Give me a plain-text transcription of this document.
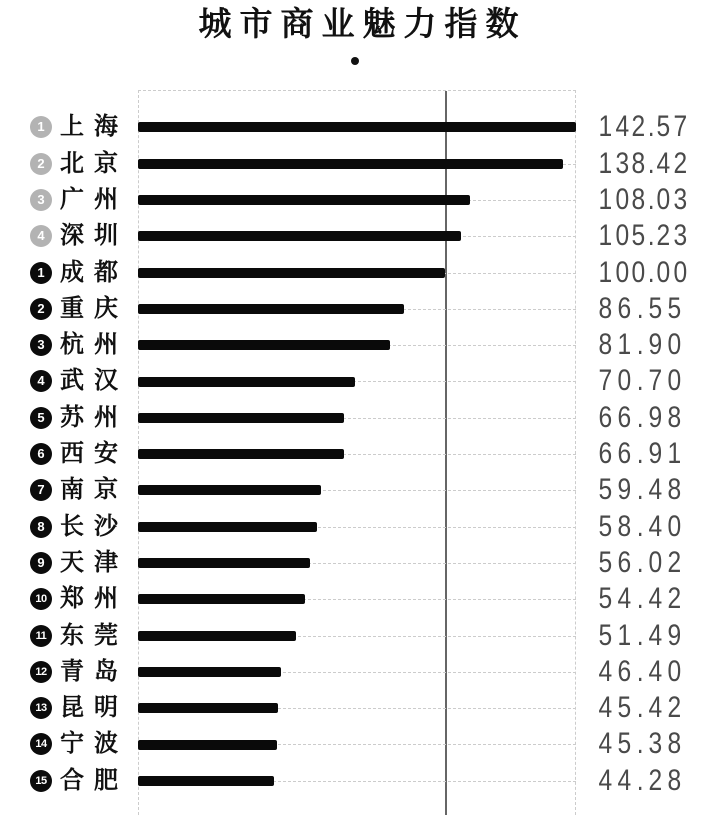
城市商业魅力指数
1 上海	1 4 2 . 5 7
2 北京	1 3 8 . 4 2
3 广州	1 0 8 . 0 3
4 深圳	1 0 5 . 2 3
1 成都	1 0 0 . 0 0
2 重庆	8 6 . 5 5
3 杭州	8 1 . 9 0
4 武汉	7 0 . 7 0
5 苏州	6 6 . 9 8
6 西安	6 6 . 9 1
7 南京	5 9 . 4 8
8 长沙	5 8 . 4 0
9 天津	5 6 . 0 2
10 郑州	5 4 . 4 2
11 东莞	5 1 . 4 9
12 青岛	4 6 . 4 0
13 昆明	4 5 . 4 2
14 宁波	4 5 . 3 8
15 合肥	4 4 . 2 8
